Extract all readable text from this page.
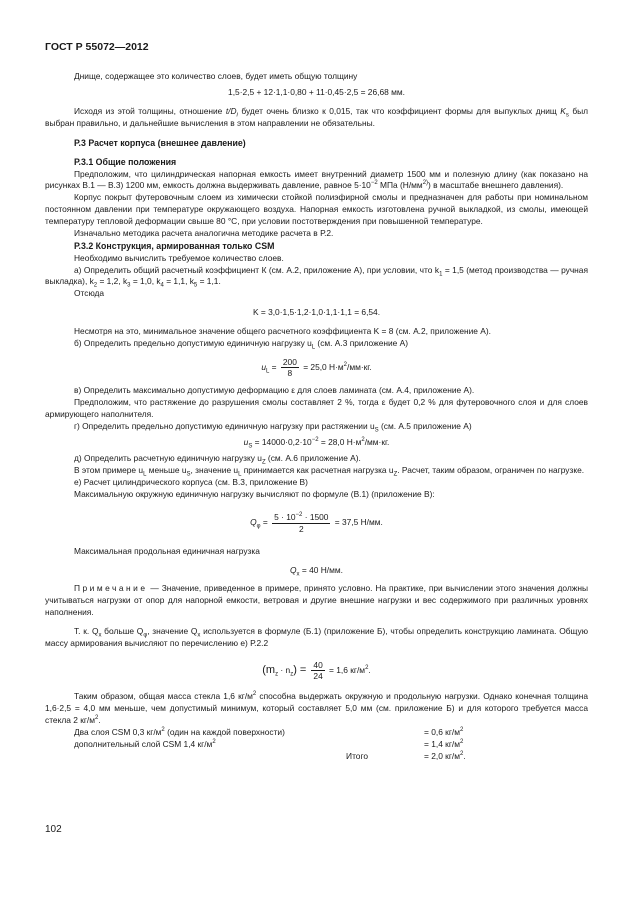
ГОСТ Р 55072—2012

Днище, содержащее это количество слоев, будет иметь общую толщину

1,5·2,5 + 12·1,1·0,80 + 11·0,45·2,5 = 26,68 мм.

Исходя из этой толщины, отношение $t/D_i$ будет очень близко к 0,015, так что коэффициент формы для выпуклых днищ $K_s$ был выбран правильно, и дальнейшие вычисления в этом направлении не обязательны.

Р.3 Расчет корпуса (внешнее давление)

Р.3.1 Общие положения

Предположим, что цилиндрическая напорная емкость имеет внутренний диаметр 1500 мм и полезную длину (как показано на рисунках В.1 — В.3) 1200 мм, емкость должна выдерживать давление, равное $5\cdot 10^{-2}$ МПа $(Н/мм^{2)})$ в масштабе внешнего давления).

Корпус покрыт футеровочным слоем из химически стойкой полиэфирной смолы и предназначен для работы при номинальном постоянном давлении при температуре окружающего воздуха. Напорная емкость изготовлена ручной выкладкой, из смолы, имеющей температуру тепловой деформации свыше 80 °С, при условии постотверждения при повышенной температуре.

Изначально методика расчета аналогична методике расчета в Р.2.

Р.3.2 Конструкция, армированная только CSM

Необходимо вычислить требуемое количество слоев.

а) Определить общий расчетный коэффициент К (см. А.2, приложение А), при условии, что $k_1 = 1,5$ (метод производства — ручная выкладка), $k_2 = 1,2$, $k_3 = 1,0$, $k_4 = 1,1$, $k_5 = 1,1$.

Отсюда

K = 3,0·1,5·1,2·1,0·1,1·1,1 = 6,54.

Несмотря на это, минимальное значение общего расчетного коэффициента K = 8 (см. А.2, приложение А).

б) Определить предельно допустимую единичную нагрузку $u_L$ (см. А.3 приложение А)

$u_L = \frac{200}{8} = 25,0$ $Н\cdot м^2/мм\cdot кг$.

в) Определить максимально допустимую деформацию ε для слоев ламината (см. А.4, приложение А).

Предположим, что растяжение до разрушения смолы составляет 2 %, тогда ε будет 0,2 % для футеровочного слоя и для слоев армирующего наполнителя.

г) Определить предельно допустимую единичную нагрузку при растяжении $u_S$ (см. А.5 приложение А)

$u_S = 14000\cdot 0,2\cdot 10^{-2} = 28,0$ $Н\cdot м^2/мм\cdot кг$.

д) Определить расчетную единичную нагрузку $u_Z$ (см. А.6 приложение А).

В этом примере $u_L$ меньше $u_S$, значение $u_L$ принимается как расчетная нагрузка $u_Z$. Расчет, таким образом, ограничен по нагрузке.

е) Расчет цилиндрического корпуса (см. В.3, приложение В)

Максимальную окружную единичную нагрузку вычисляют по формуле (В.1) (приложение В):

$Q_\varphi = \frac{5 \cdot 10^{-2} \cdot 1500}{2} = 37,5$ Н/мм.

Максимальная продольная единичная нагрузка

$Q_x = 40$ Н/мм.

Примечание — Значение, приведенное в примере, принято условно. На практике, при вычислении этого значения должны учитываться нагрузки от опор для напорной емкости, ветровая и другие внешние нагрузки и вес содержимого при различных уровнях наполнения.

Т. к. $Q_x$ больше $Q_\varphi$, значение $Q_x$ используется в формуле (Б.1) (приложение Б), чтобы определить конструкцию ламината. Общую массу армирования вычисляют по перечислению е) Р.2.2

$(m_z \cdot n_z) = \frac{40}{24} = 1,6$ $кг/м^2$.

Таким образом, общая масса стекла 1,6 $кг/м^2$ способна выдержать окружную и продольную нагрузки. Однако конечная толщина 1,6·2,5 = 4,0 мм меньше, чем допустимый минимум, который составляет 5,0 мм (см. приложение Б) и для которого требуется масса стекла 2 $кг/м^2$.

Два слоя CSM 0,3 $кг/м^2$ (один на каждой поверхности)	= 0,6 $кг/м^2$
дополнительный слой CSM 1,4 $кг/м^2$	= 1,4 $кг/м^2$
Итого	= 2,0 $кг/м^2$.
102
